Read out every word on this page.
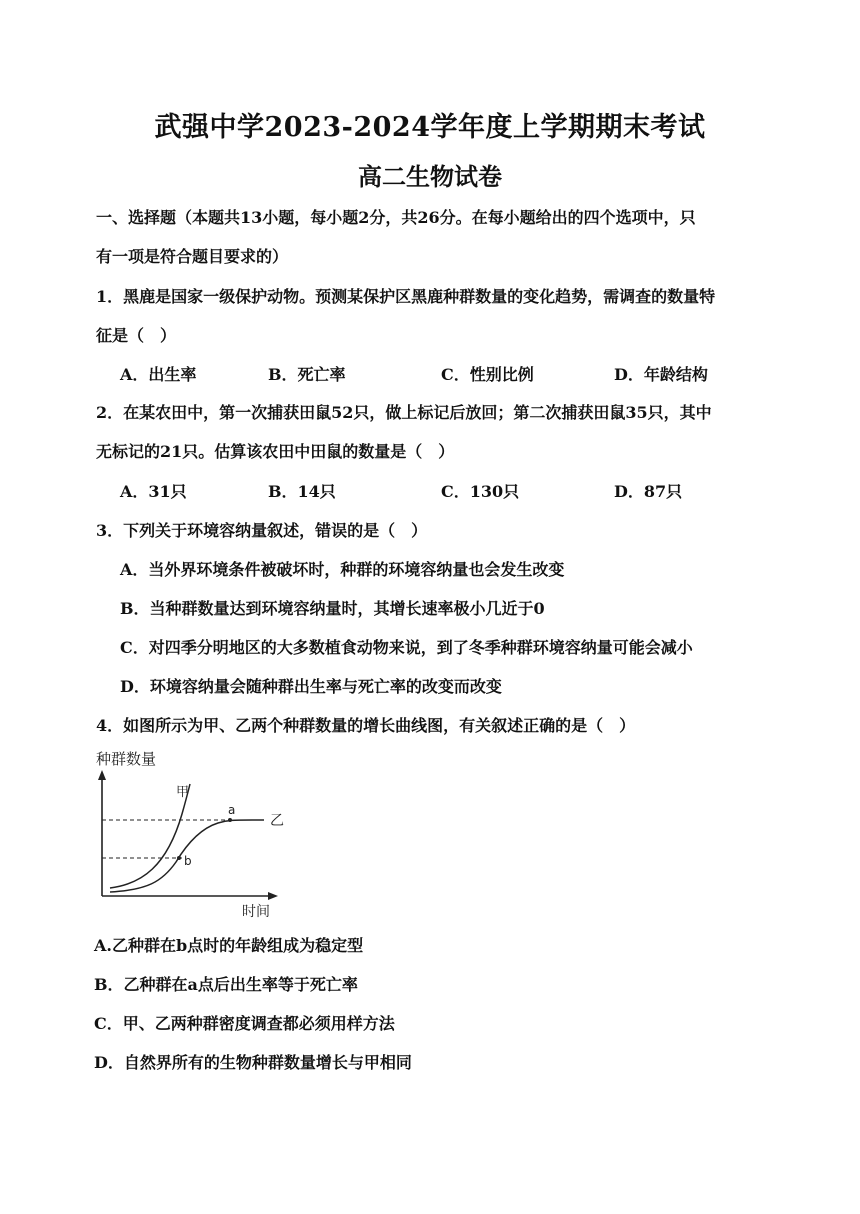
武强中学2023-2024学年度上学期期末考试
高二生物试卷
一、选择题（本题共13小题，每小题2分，共26分。在每小题给出的四个选项中，只
有一项是符合题目要求的）
1．黑鹿是国家一级保护动物。预测某保护区黑鹿种群数量的变化趋势，需调查的数量特
征是（　）
A．出生率	B．死亡率	C．性别比例	D．年龄结构
2．在某农田中，第一次捕获田鼠52只，做上标记后放回；第二次捕获田鼠35只，其中
无标记的21只。估算该农田中田鼠的数量是（　）
A．31只	B．14只	C．130只	D．87只
3．下列关于环境容纳量叙述，错误的是（　）
A．当外界环境条件被破坏时，种群的环境容纳量也会发生改变
B．当种群数量达到环境容纳量时，其增长速率极小几近于0
C．对四季分明地区的大多数植食动物来说，到了冬季种群环境容纳量可能会减小
D．环境容纳量会随种群出生率与死亡率的改变而改变
4．如图所示为甲、乙两个种群数量的增长曲线图，有关叙述正确的是（　）
种群数量
甲
乙
b
a
时间
A.乙种群在b点时的年龄组成为稳定型
B．乙种群在a点后出生率等于死亡率
C．甲、乙两种群密度调查都必须用样方法
D．自然界所有的生物种群数量增长与甲相同
